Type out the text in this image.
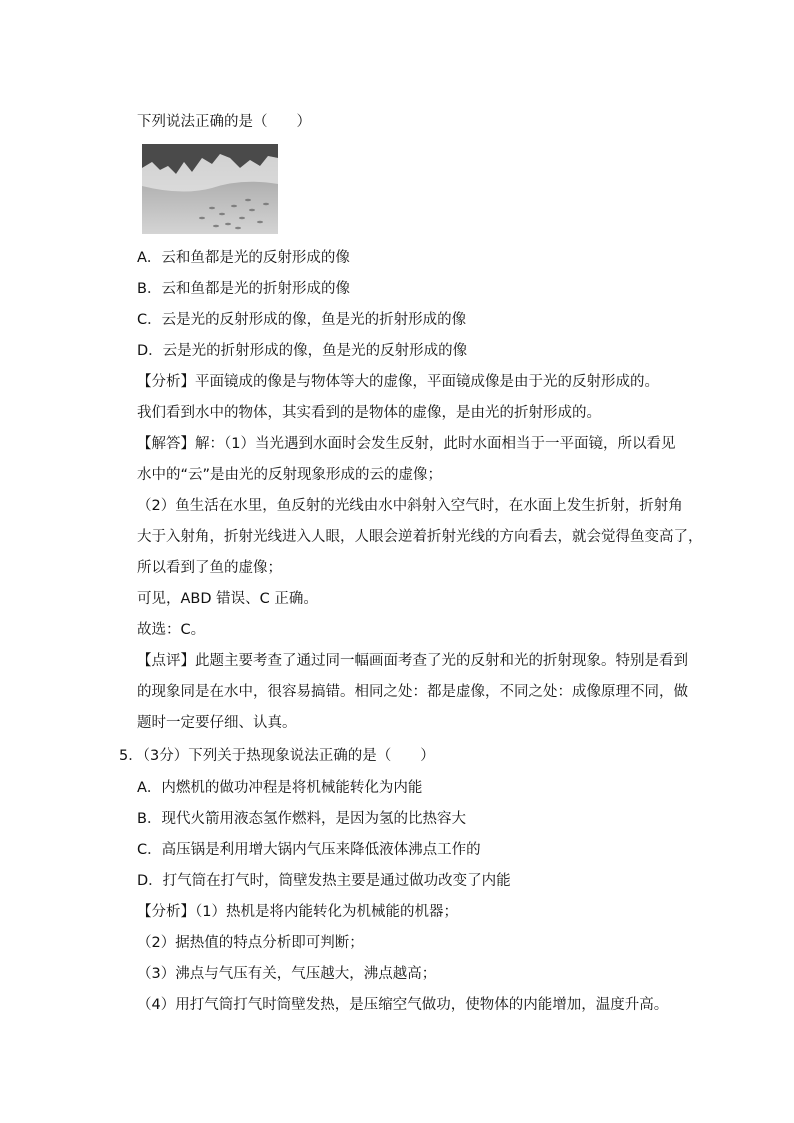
下列说法正确的是（　　）
A．云和鱼都是光的反射形成的像
B．云和鱼都是光的折射形成的像
C．云是光的反射形成的像，鱼是光的折射形成的像
D．云是光的折射形成的像，鱼是光的反射形成的像
【分析】平面镜成的像是与物体等大的虚像，平面镜成像是由于光的反射形成的。
我们看到水中的物体，其实看到的是物体的虚像，是由光的折射形成的。
【解答】解：（1）当光遇到水面时会发生反射，此时水面相当于一平面镜，所以看见
水中的“云”是由光的反射现象形成的云的虚像；
（2）鱼生活在水里，鱼反射的光线由水中斜射入空气时，在水面上发生折射，折射角
大于入射角，折射光线进入人眼，人眼会逆着折射光线的方向看去，就会觉得鱼变高了，
所以看到了鱼的虚像；
可见，ABD 错误、C 正确。
故选：C。
【点评】此题主要考查了通过同一幅画面考查了光的反射和光的折射现象。特别是看到
的现象同是在水中，很容易搞错。相同之处：都是虚像，不同之处：成像原理不同，做
题时一定要仔细、认真。
5．（3分）下列关于热现象说法正确的是（　　）
A．内燃机的做功冲程是将机械能转化为内能
B．现代火箭用液态氢作燃料，是因为氢的比热容大
C．高压锅是利用增大锅内气压来降低液体沸点工作的
D．打气筒在打气时，筒壁发热主要是通过做功改变了内能
【分析】（1）热机是将内能转化为机械能的机器；
（2）据热值的特点分析即可判断；
（3）沸点与气压有关，气压越大，沸点越高；
（4）用打气筒打气时筒壁发热，是压缩空气做功，使物体的内能增加，温度升高。
